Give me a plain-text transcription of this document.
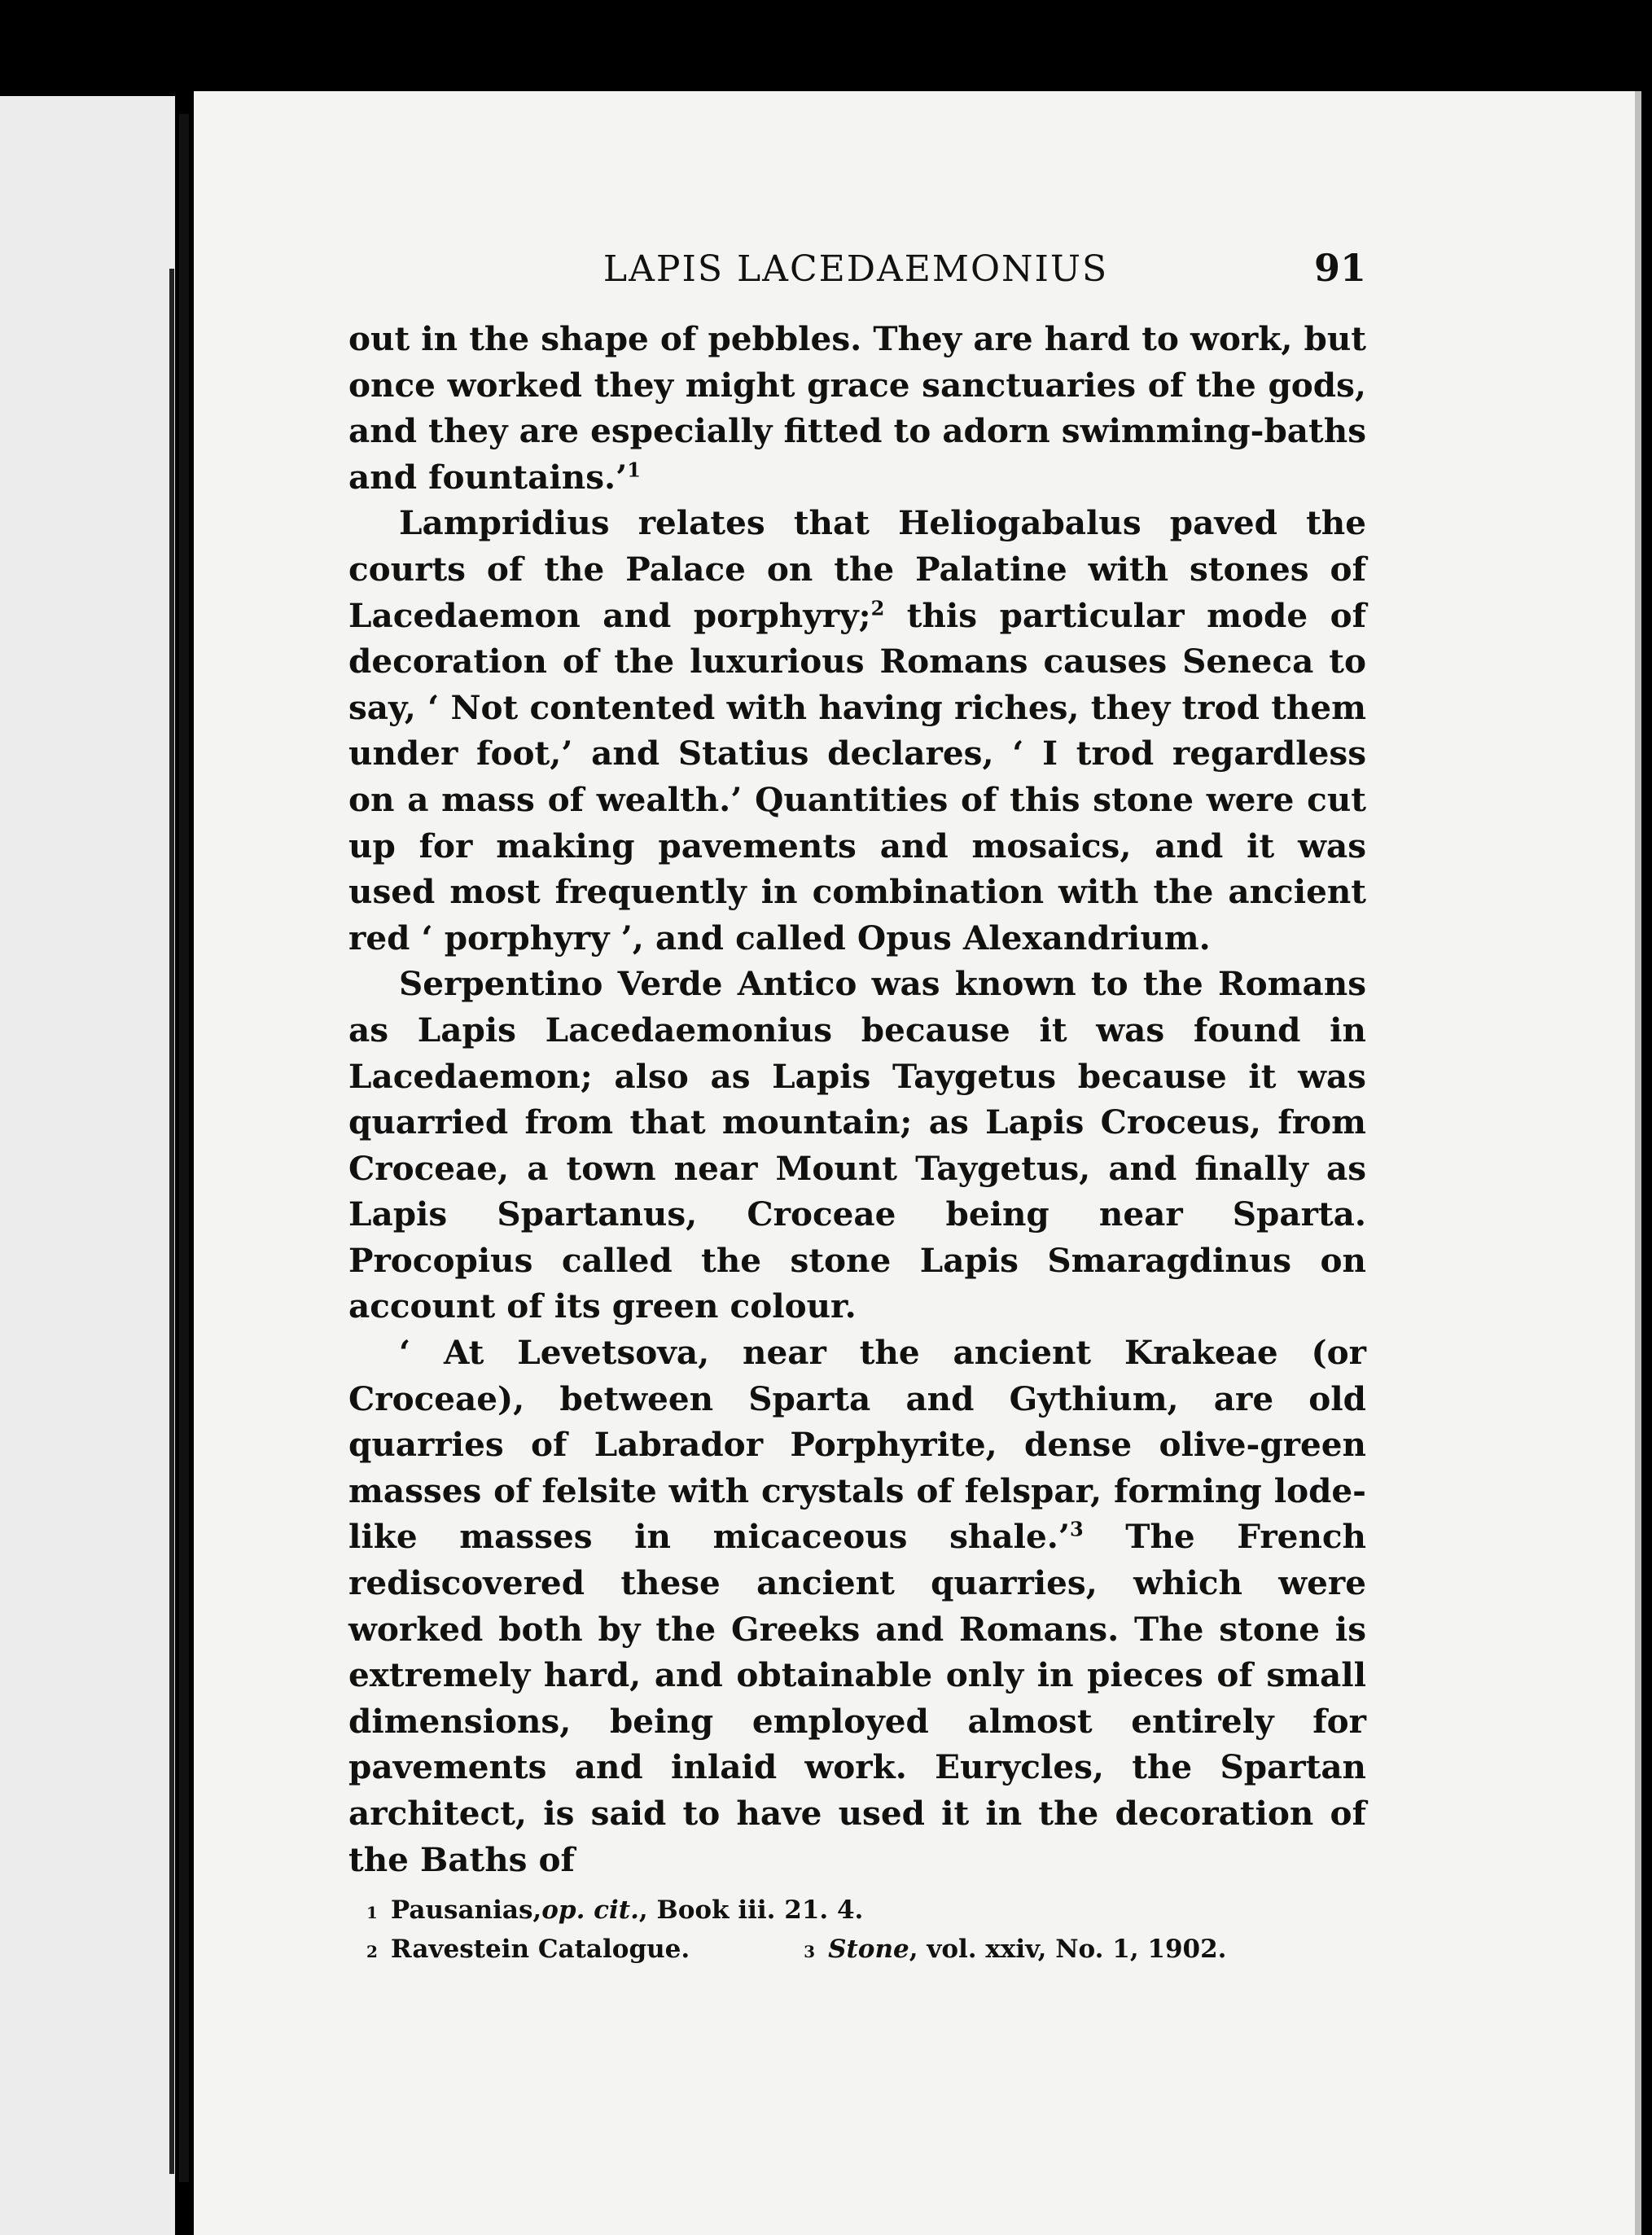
LAPIS LACEDAEMONIUS	91

out in the shape of pebbles. They are hard to work, but once worked they might grace sanctuaries of the gods, and they are especially fitted to adorn swimming-baths and fountains.’$^1$

Lampridius relates that Heliogabalus paved the courts of the Palace on the Palatine with stones of Lacedaemon and porphyry;$^2$ this particular mode of decoration of the luxurious Romans causes Seneca to say, ‘ Not contented with having riches, they trod them under foot,’ and Statius declares, ‘ I trod regardless on a mass of wealth.’ Quantities of this stone were cut up for making pavements and mosaics, and it was used most frequently in combination with the ancient red ‘ porphyry ’, and called Opus Alexandrium.

Serpentino Verde Antico was known to the Romans as Lapis Lacedaemonius because it was found in Lacedaemon; also as Lapis Taygetus because it was quarried from that mountain; as Lapis Croceus, from Croceae, a town near Mount Taygetus, and finally as Lapis Spartanus, Croceae being near Sparta. Procopius called the stone Lapis Smaragdinus on account of its green colour.

‘ At Levetsova, near the ancient Krakeae (or Croceae), between Sparta and Gythium, are old quarries of Labrador Porphyrite, dense olive-green masses of felsite with crystals of felspar, forming lode-like masses in micaceous shale.’$^3$ The French rediscovered these ancient quarries, which were worked both by the Greeks and Romans. The stone is extremely hard, and obtainable only in pieces of small dimensions, being employed almost entirely for pavements and inlaid work. Eurycles, the Spartan architect, is said to have used it in the decoration of the Baths of

1 Pausanias, op. cit. , Book iii. 21. 4.
2 Ravestein Catalogue.	3 Stone , vol. xxiv, No. 1, 1902.
